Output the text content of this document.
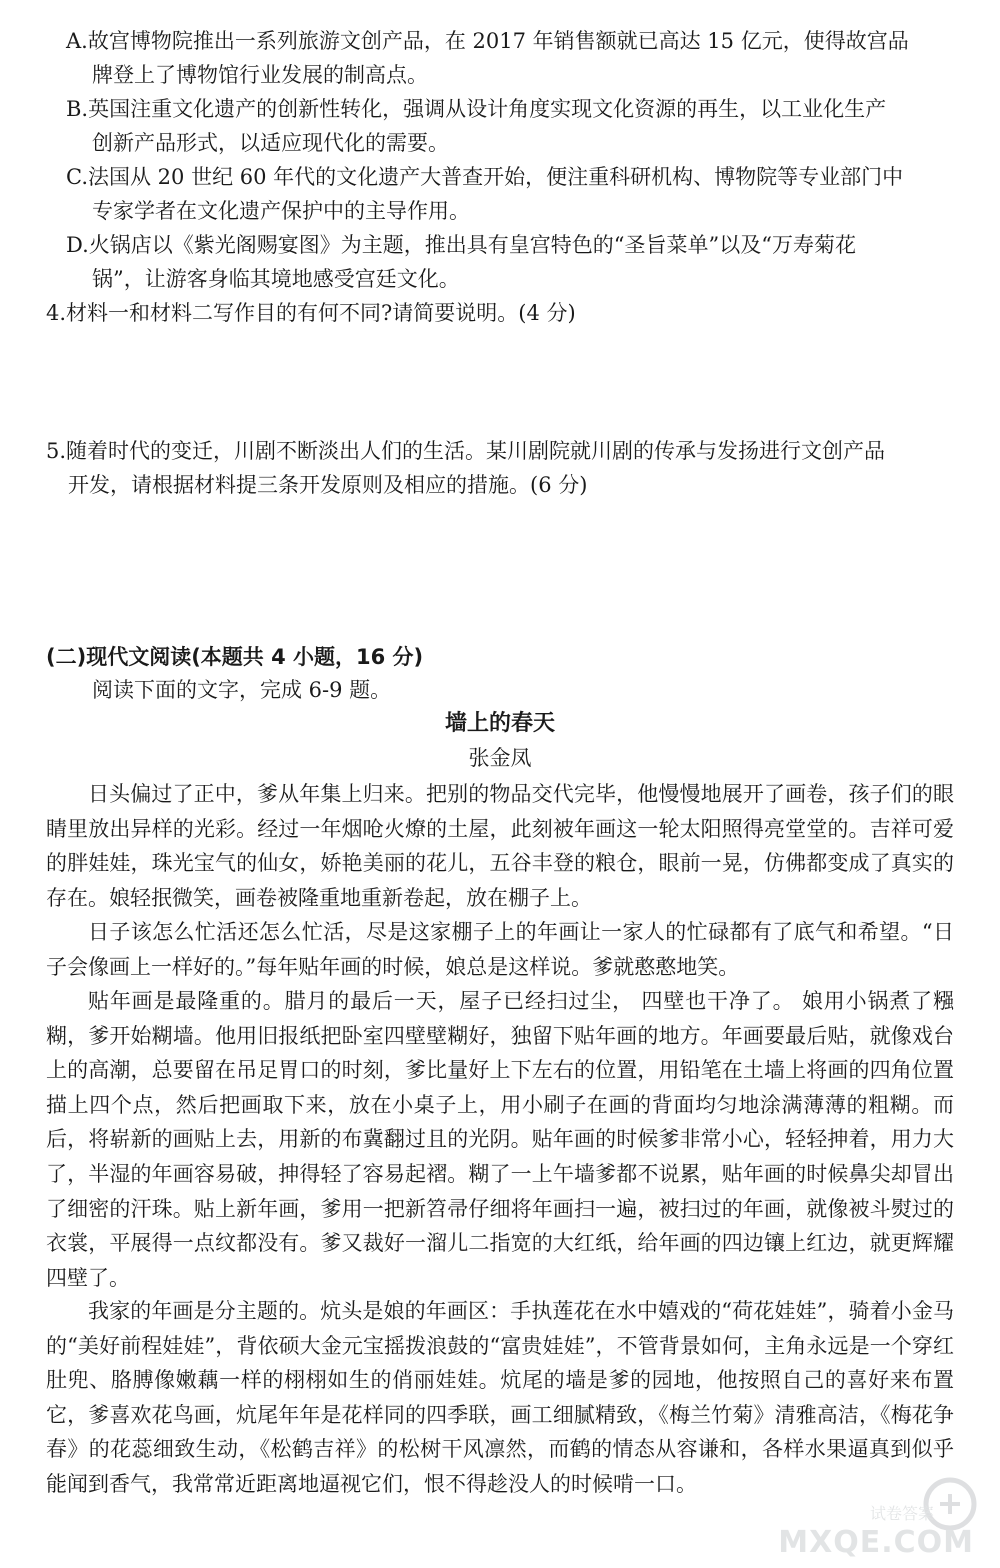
A.故宫博物院推出一系列旅游文创产品，在 2017 年销售额就已高达 15 亿元，使得故宫品
牌登上了博物馆行业发展的制高点。
B.英国注重文化遗产的创新性转化，强调从设计角度实现文化资源的再生，以工业化生产
创新产品形式，以适应现代化的需要。
C.法国从 20 世纪 60 年代的文化遗产大普查开始，便注重科研机构、博物院等专业部门中
专家学者在文化遗产保护中的主导作用。
D.火锅店以《紫光阁赐宴图》为主题，推出具有皇宫特色的“圣旨菜单”以及“万寿菊花
锅”，让游客身临其境地感受宫廷文化。
4.材料一和材料二写作目的有何不同?请简要说明。(4 分)
5.随着时代的变迁，川剧不断淡出人们的生活。某川剧院就川剧的传承与发扬进行文创产品
开发，请根据材料提三条开发原则及相应的措施。(6 分)
(二)现代文阅读(本题共 4 小题，16 分)
阅读下面的文字，完成 6-9 题。
墙上的春天
张金凤
日头偏过了正中，爹从年集上归来。把别的物品交代完毕，他慢慢地展开了画卷，孩子们的眼睛里放出异样的光彩。经过一年烟呛火燎的土屋，此刻被年画这一轮太阳照得亮堂堂的。吉祥可爱的胖娃娃，珠光宝气的仙女，娇艳美丽的花儿，五谷丰登的粮仓，眼前一晃，仿佛都变成了真实的存在。娘轻抿微笑，画卷被隆重地重新卷起，放在棚子上。
日子该怎么忙活还怎么忙活，尽是这家棚子上的年画让一家人的忙碌都有了底气和希望。“日子会像画上一样好的。”每年贴年画的时候，娘总是这样说。爹就憨憨地笑。
贴年画是最隆重的。腊月的最后一天，屋子已经扫过尘， 四壁也干净了。 娘用小锅煮了糨糊，爹开始糊墙。他用旧报纸把卧室四壁壁糊好，独留下贴年画的地方。年画要最后贴，就像戏台上的高潮，总要留在吊足胃口的时刻，爹比量好上下左右的位置，用铅笔在土墙上将画的四角位置描上四个点，然后把画取下来，放在小桌子上，用小刷子在画的背面均匀地涂满薄薄的粗糊。而后，将崭新的画贴上去，用新的布冀翻过且的光阴。贴年画的时候爹非常小心，轻轻抻着，用力大了，半湿的年画容易破，抻得轻了容易起褶。糊了一上午墙爹都不说累，贴年画的时候鼻尖却冒出了细密的汗珠。贴上新年画，爹用一把新笤帚仔细将年画扫一遍，被扫过的年画，就像被斗熨过的衣裳，平展得一点纹都没有。爹又裁好一溜儿二指宽的大红纸，给年画的四边镶上红边，就更辉耀四壁了。
我家的年画是分主题的。炕头是娘的年画区：手执莲花在水中嬉戏的“荷花娃娃”，骑着小金马的“美好前程娃娃”，背依硕大金元宝摇拨浪鼓的“富贵娃娃”，不管背景如何，主角永远是一个穿红肚兜、胳膊像嫩藕一样的栩栩如生的俏丽娃娃。炕尾的墙是爹的园地，他按照自己的喜好来布置它，爹喜欢花鸟画，炕尾年年是花样同的四季联，画工细腻精致，《梅兰竹菊》清雅高洁，《梅花争春》的花蕊细致生动，《松鹤吉祥》的松树干风凛然，而鹤的情态从容谦和，各样水果逼真到似乎能闻到香气，我常常近距离地逼视它们，恨不得趁没人的时候啃一口。
试卷答案
MXQE.COM
